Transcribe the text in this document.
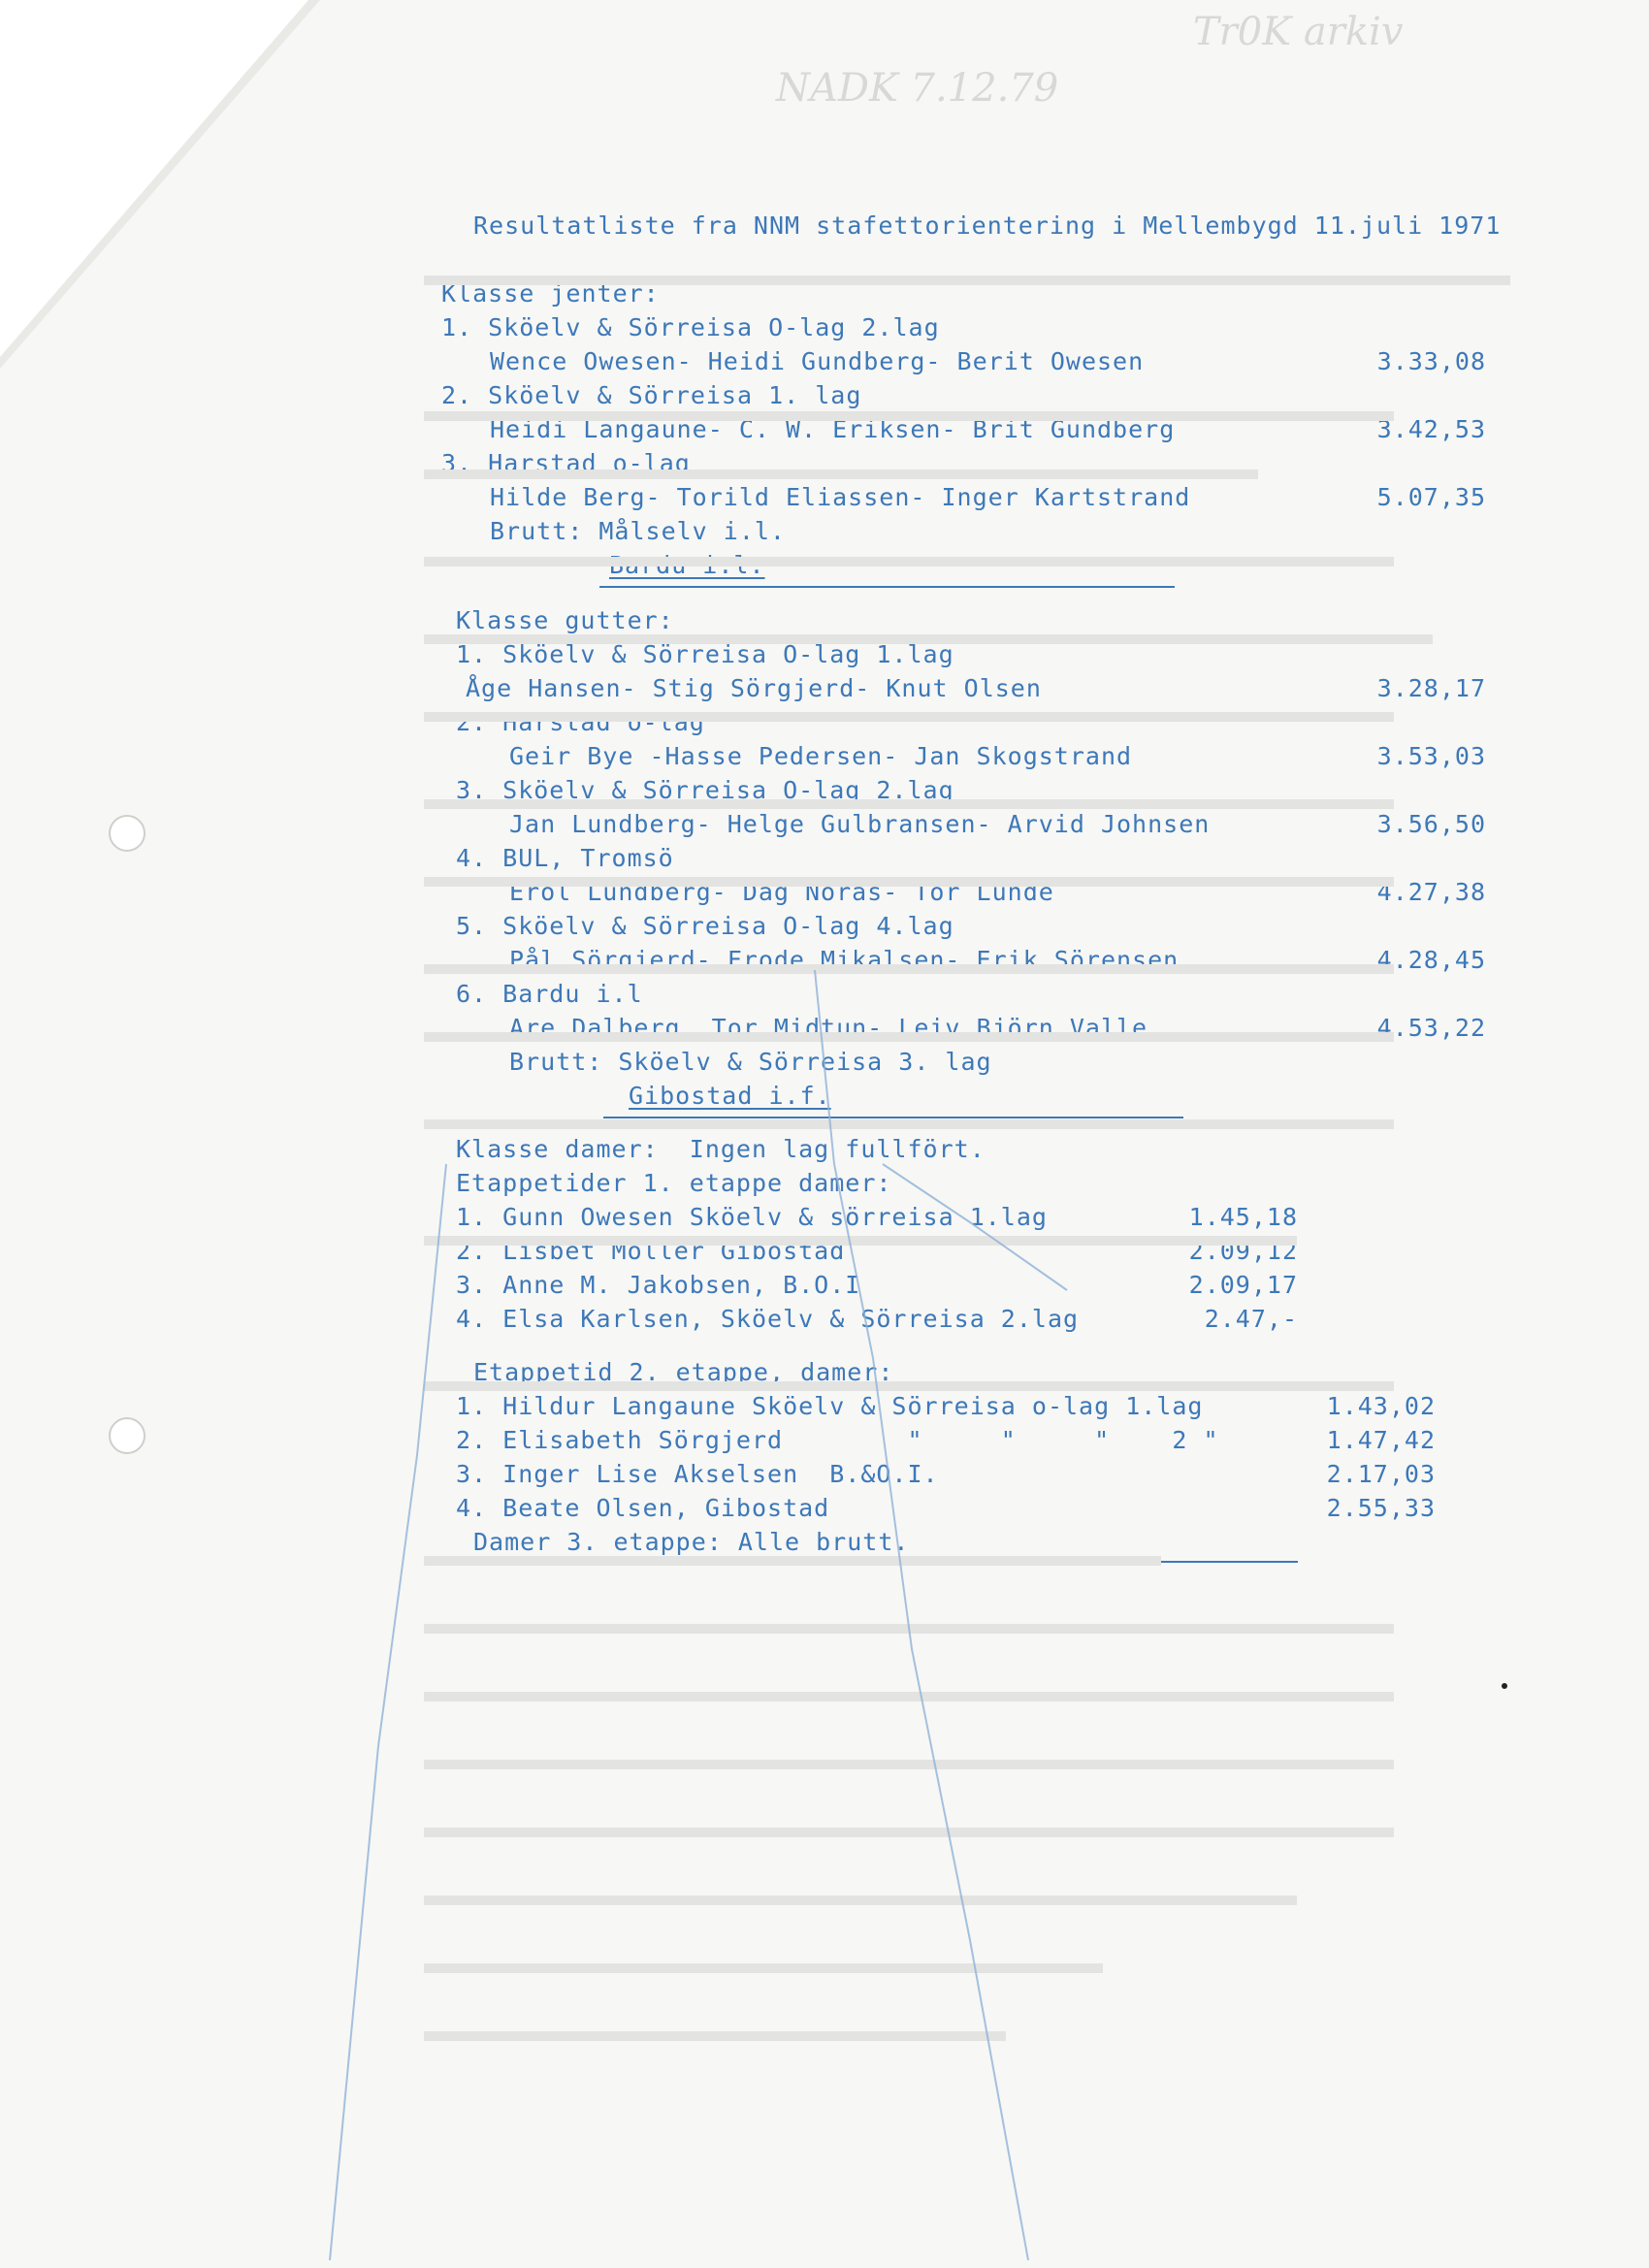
Tr0K arkiv
NADK 7.12.79
Resultatliste fra NNM stafettorientering i Mellembygd 11.juli 1971
Klasse jenter:
1. Sköelv & Sörreisa O-lag 2.lag
Wence Owesen- Heidi Gundberg- Berit Owesen	3.33,08
2. Sköelv & Sörreisa 1. lag
Heidi Langaune- C. W. Eriksen- Brit Gundberg	3.42,53
3. Harstad o-lag
Hilde Berg- Torild Eliassen- Inger Kartstrand	5.07,35
Brutt: Målselv i.l.
Bardu i.l.
Klasse gutter:
1. Sköelv & Sörreisa O-lag 1.lag
Åge Hansen- Stig Sörgjerd- Knut Olsen	3.28,17
2. Harstad o-lag
Geir Bye -Hasse Pedersen- Jan Skogstrand	3.53,03
3. Sköelv & Sörreisa O-lag 2.lag
Jan Lundberg- Helge Gulbransen- Arvid Johnsen	3.56,50
4. BUL, Tromsö
Erol Lundberg- Dag Norås- Tor Lunde	4.27,38
5. Sköelv & Sörreisa O-lag 4.lag
Pål Sörgjerd- Frode Mikalsen- Erik Sörensen	4.28,45
6. Bardu i.l
Are Dalberg, Tor Midtun- Leiv Björn Valle	4.53,22
Brutt: Sköelv & Sörreisa 3. lag
Gibostad i.f.
Klasse damer:  Ingen lag fullfört.
Etappetider 1. etappe damer:
1. Gunn Owesen Sköelv & sörreisa 1.lag	1.45,18
2. Lisbet Möller Gibostad	2.09,12
3. Anne M. Jakobsen, B.O.I	2.09,17
4. Elsa Karlsen, Sköelv & Sörreisa 2.lag	2.47,-
Etappetid 2. etappe, damer:
1. Hildur Langaune Sköelv & Sörreisa o-lag 1.lag	1.43,02
2. Elisabeth Sörgjerd        "     "     "    2 "	1.47,42
3. Inger Lise Akselsen  B.&O.I.	2.17,03
4. Beate Olsen, Gibostad	2.55,33
Damer 3. etappe: Alle brutt.
